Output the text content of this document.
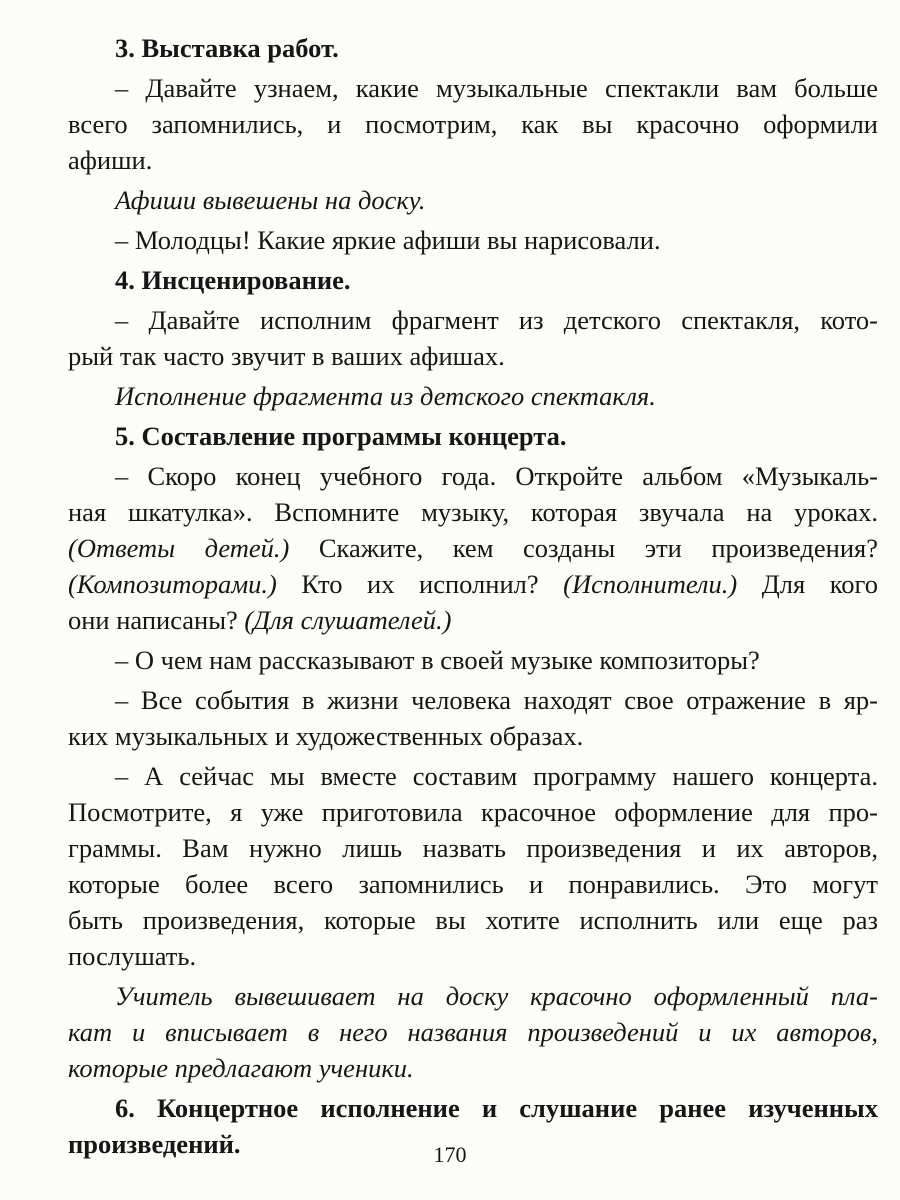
3. Выставка работ.
– Давайте узнаем, какие музыкальные спектакли вам больше
всего запомнились, и посмотрим, как вы красочно оформили
афиши.
Афиши вывешены на доску.
– Молодцы! Какие яркие афиши вы нарисовали.
4. Инсценирование.
– Давайте исполним фрагмент из детского спектакля, кото-
рый так часто звучит в ваших афишах.
Исполнение фрагмента из детского спектакля.
5. Составление программы концерта.
– Скоро конец учебного года. Откройте альбом «Музыкаль-
ная шкатулка». Вспомните музыку, которая звучала на уроках.
(Ответы детей.) Скажите, кем созданы эти произведения?
(Композиторами.) Кто их исполнил? (Исполнители.) Для кого
они написаны? (Для слушателей.)
– О чем нам рассказывают в своей музыке композиторы?
– Все события в жизни человека находят свое отражение в яр-
ких музыкальных и художественных образах.
– А сейчас мы вместе составим программу нашего концерта.
Посмотрите, я уже приготовила красочное оформление для про-
граммы. Вам нужно лишь назвать произведения и их авторов,
которые более всего запомнились и понравились. Это могут
быть произведения, которые вы хотите исполнить или еще раз
послушать.
Учитель вывешивает на доску красочно оформленный пла-
кат и вписывает в него названия произведений и их авторов,
которые предлагают ученики.
6. Концертное исполнение и слушание ранее изученных
произведений.	170
